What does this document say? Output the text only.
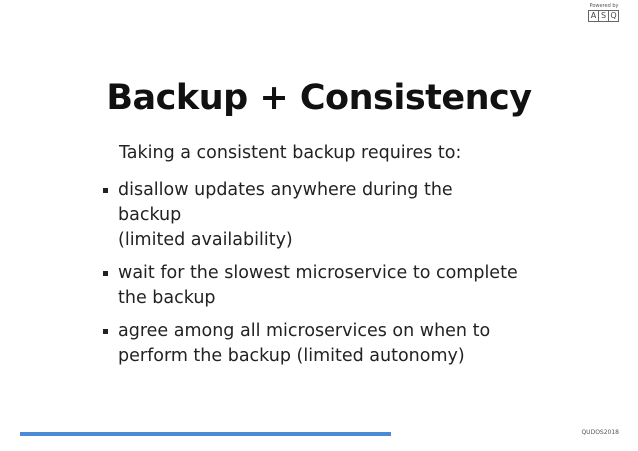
Powered by
A S Q
Backup + Consistency
Taking a consistent backup requires to:
disallow updates anywhere during the backup
(limited availability)
wait for the slowest microservice to complete
the backup
agree among all microservices on when to
perform the backup (limited autonomy)
QUDOS2018
